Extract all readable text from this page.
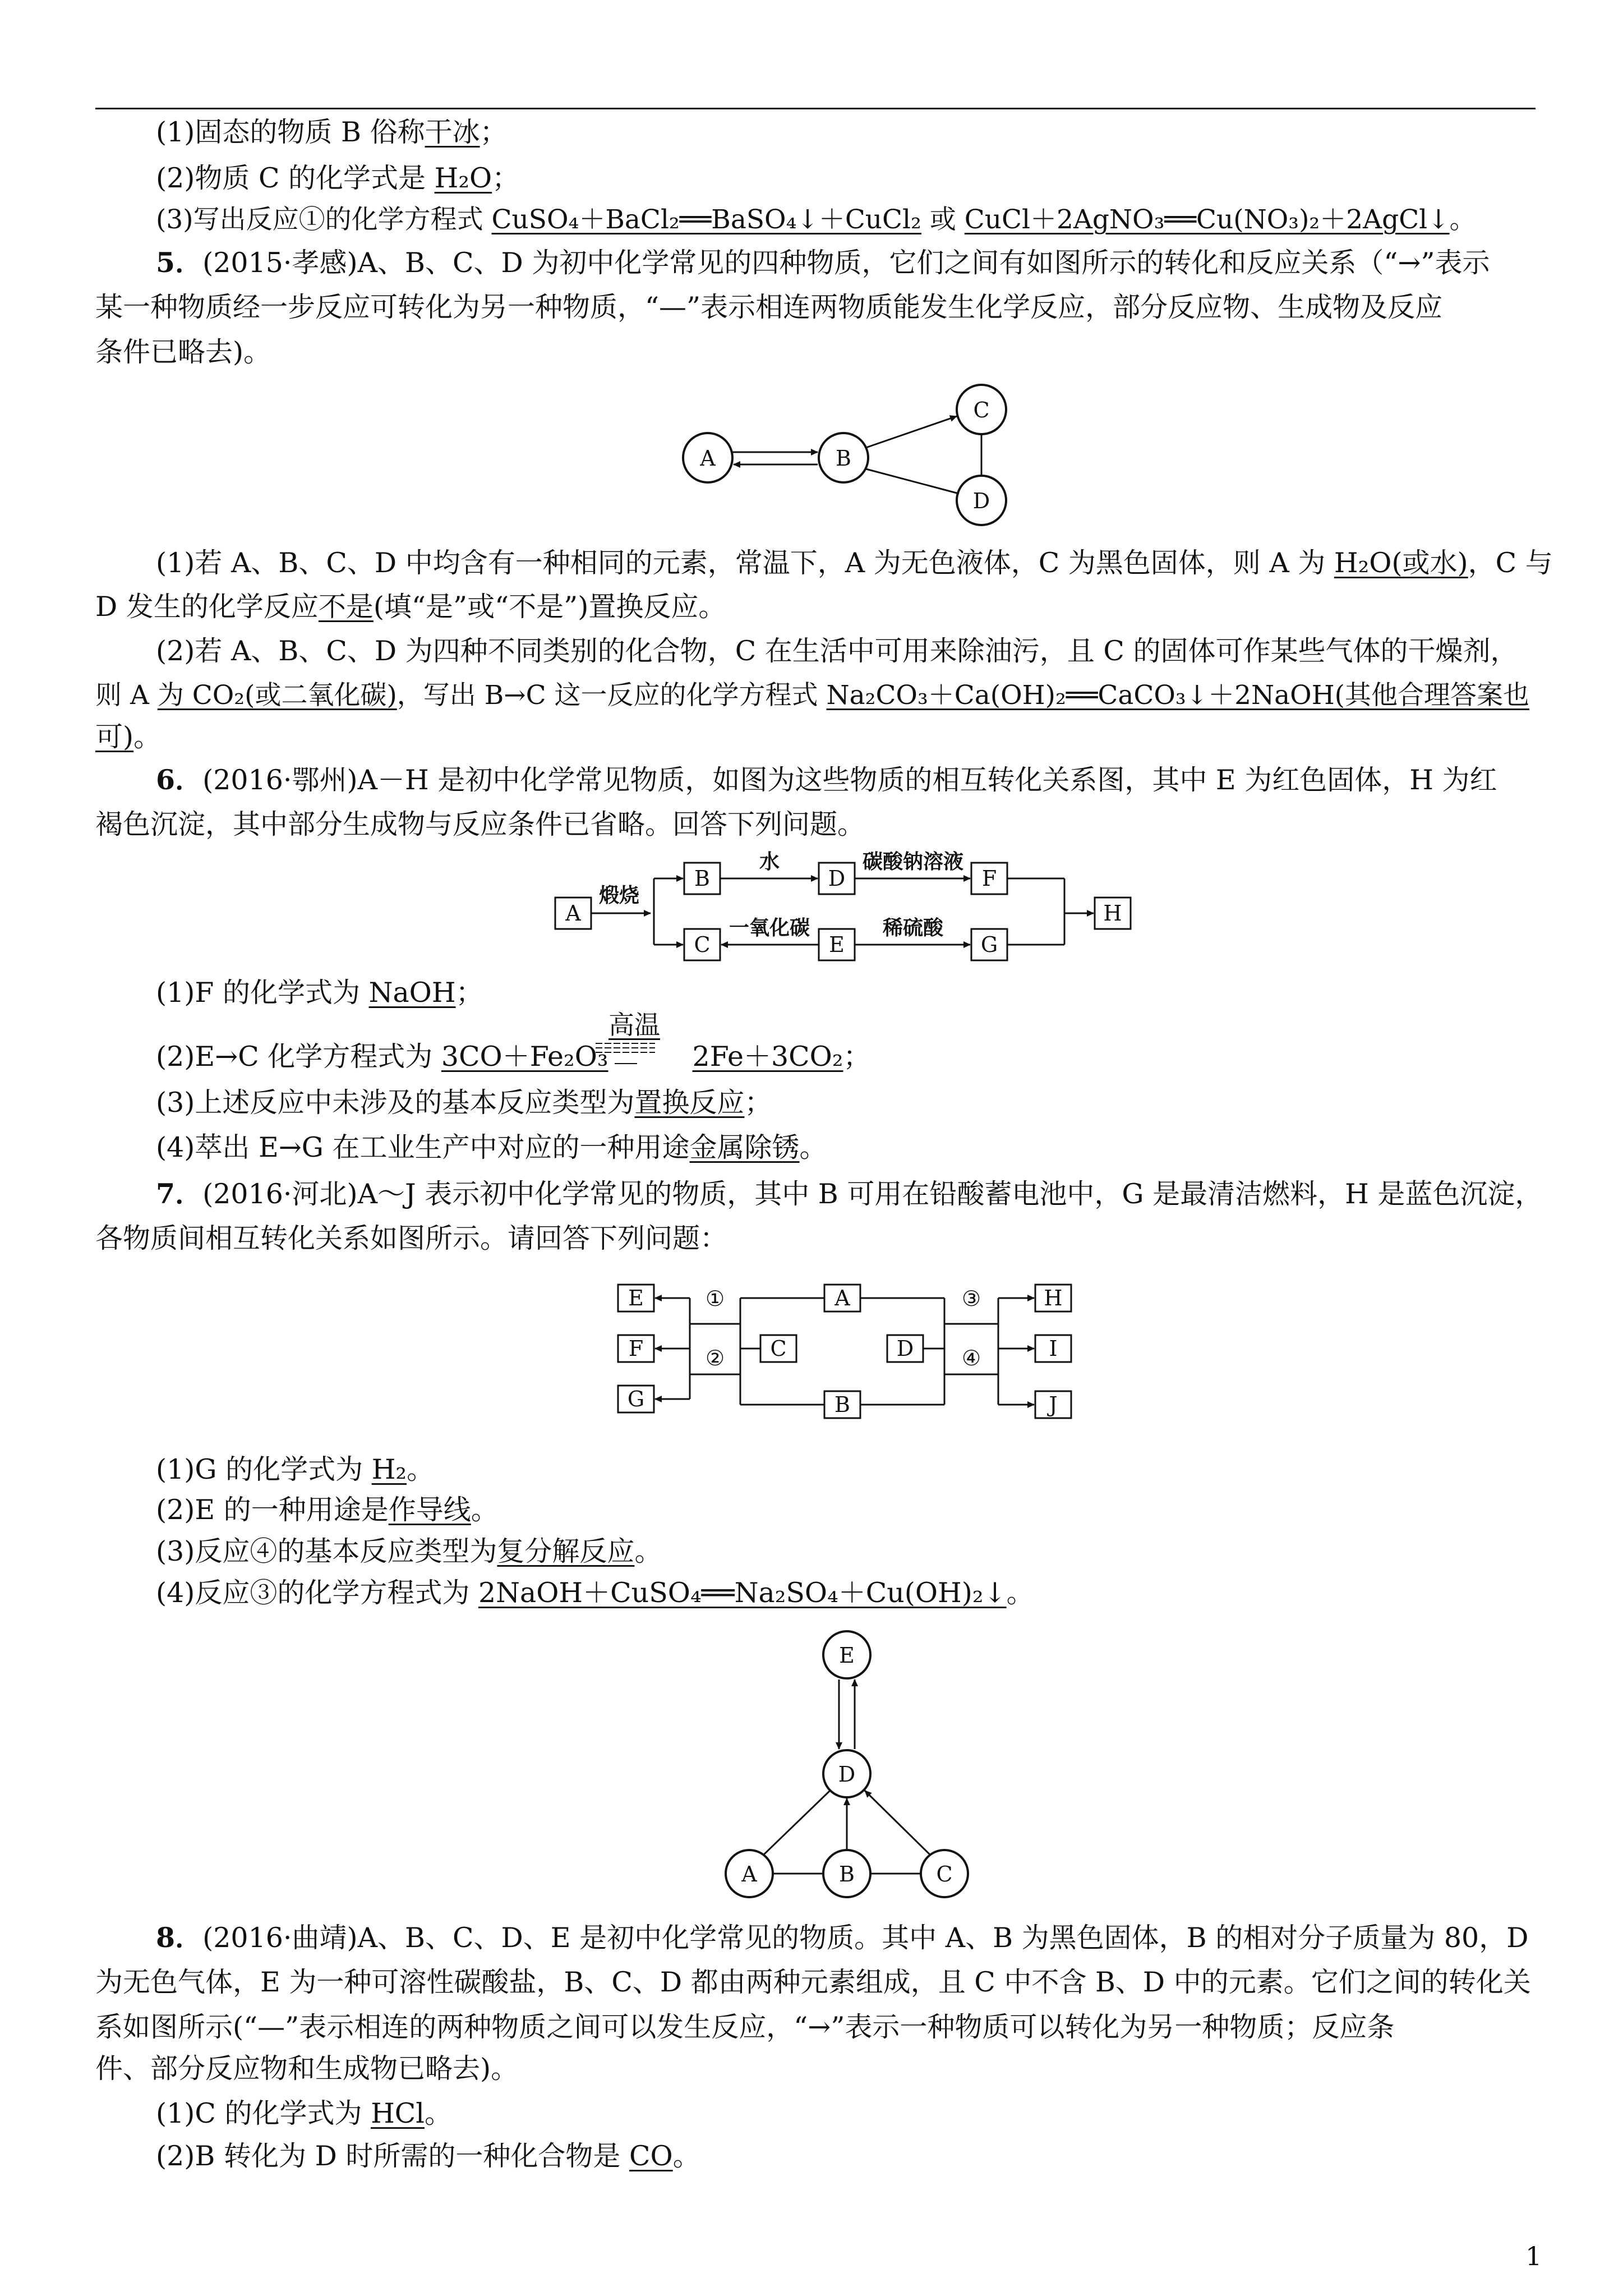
(1)固态的物质 B 俗称干冰；
(2)物质 C 的化学式是 H₂O；
(3)写出反应①的化学方程式 CuSO₄＋BaCl₂══BaSO₄↓＋CuCl₂ 或 CuCl＋2AgNO₃══Cu(NO₃)₂＋2AgCl↓。
5．(2015·孝感)A、B、C、D 为初中化学常见的四种物质，它们之间有如图所示的转化和反应关系（“→”表示
某一种物质经一步反应可转化为另一种物质，“—”表示相连两物质能发生化学反应，部分反应物、生成物及反应
条件已略去)。
A	B
C
D
(1)若 A、B、C、D 中均含有一种相同的元素，常温下，A 为无色液体，C 为黑色固体，则 A 为 H₂O(或水)，C 与
D 发生的化学反应不是(填“是”或“不是”)置换反应。
(2)若 A、B、C、D 为四种不同类别的化合物，C 在生活中可用来除油污，且 C 的固体可作某些气体的干燥剂，
则 A 为 CO₂(或二氧化碳)，写出 B→C 这一反应的化学方程式 Na₂CO₃＋Ca(OH)₂══CaCO₃↓＋2NaOH(其他合理答案也
可)。
6．(2016·鄂州)A－H 是初中化学常见物质，如图为这些物质的相互转化关系图，其中 E 为红色固体，H 为红
褐色沉淀，其中部分生成物与反应条件已省略。回答下列问题。
A
B
C
D
E
F
G
H
煅烧
水	碳酸钠溶液
一氧化碳	稀硫酸
(1)F 的化学式为 NaOH；
高温
(2)E→C 化学方程式为 3CO＋Fe₂O₃	2Fe＋3CO₂；
(3)上述反应中未涉及的基本反应类型为置换反应；
(4)萃出 E→G 在工业生产中对应的一种用途金属除锈。
7．(2016·河北)A～J 表示初中化学常见的物质，其中 B 可用在铅酸蓄电池中，G 是最清洁燃料，H 是蓝色沉淀，
各物质间相互转化关系如图所示。请回答下列问题：
E
F
G
A
C	D
B
H
I
J
①
②
③
④
(1)G 的化学式为 H₂。
(2)E 的一种用途是作导线。
(3)反应④的基本反应类型为复分解反应。
(4)反应③的化学方程式为 2NaOH＋CuSO₄══Na₂SO₄＋Cu(OH)₂↓。
E
D
A	B	C
8．(2016·曲靖)A、B、C、D、E 是初中化学常见的物质。其中 A、B 为黑色固体，B 的相对分子质量为 80，D
为无色气体，E 为一种可溶性碳酸盐，B、C、D 都由两种元素组成，且 C 中不含 B、D 中的元素。它们之间的转化关
系如图所示(“—”表示相连的两种物质之间可以发生反应，“→”表示一种物质可以转化为另一种物质；反应条
件、部分反应物和生成物已略去)。
(1)C 的化学式为 HCl。
(2)B 转化为 D 时所需的一种化合物是 CO。
1
